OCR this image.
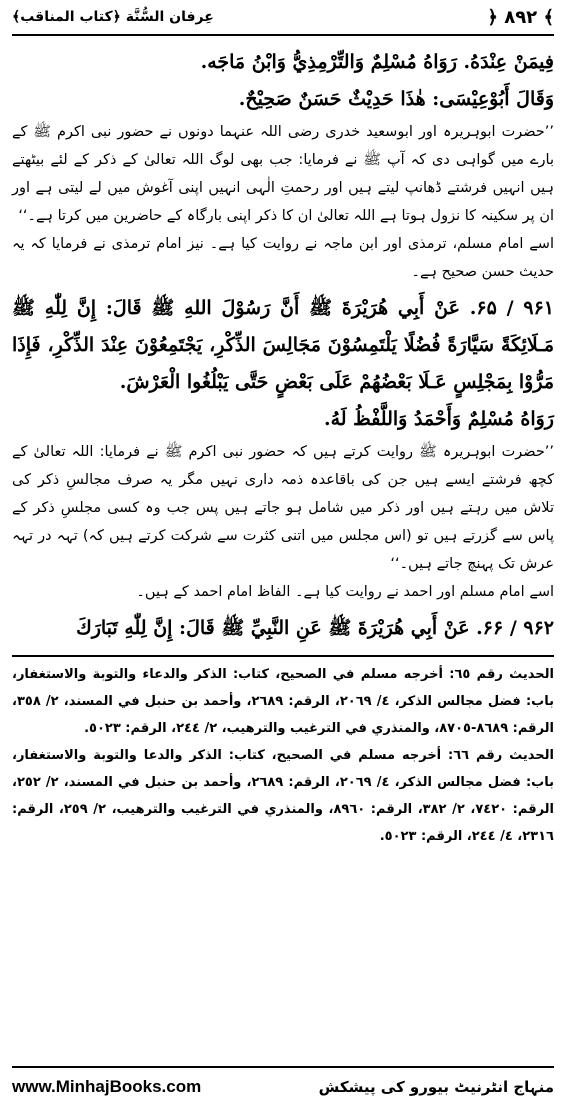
﴾ ۸۹۲ ﴿
عِرفان السُّنَّة ﴿کتاب المناقب﴾

فِیمَنْ عِنْدَهُ. رَوَاهُ مُسْلِمٌ وَالتِّرْمِذِيُّ وَابْنُ مَاجَه.

وَقَالَ أَبُوْعِيْسَى: هٰذَا حَدِيْثٌ حَسَنٌ صَحِيْحٌ.

’’حضرت ابوہریرہ اور ابوسعید خدری رضی اللہ عنہما دونوں نے حضور نبی اکرم ﷺ کے بارے میں گواہی دی کہ آپ ﷺ نے فرمایا: جب بھی لوگ اللہ تعالیٰ کے ذکر کے لئے بیٹھتے ہیں انہیں فرشتے ڈھانپ لیتے ہیں اور رحمتِ الٰہی انہیں اپنی آغوش میں لے لیتی ہے اور ان پر سکینہ کا نزول ہوتا ہے اللہ تعالیٰ ان کا ذکر اپنی بارگاہ کے حاضرین میں کرتا ہے۔‘‘

اسے امام مسلم، ترمذی اور ابن ماجہ نے روایت کیا ہے۔ نیز امام ترمذی نے فرمایا کہ یہ حدیث حسن صحیح ہے۔

۹۶۱ / ۶۵. عَنْ أَبِي هُرَيْرَةَ ﷺ أَنَّ رَسُوْلَ اللهِ ﷺ قَالَ: إِنَّ لِلّٰهِ ﷺ مَـلَائِكَةً سَيَّارَةً فُضُلًا يَلْتَمِسُوْنَ مَجَالِسَ الذِّكْرِ، يَجْتَمِعُوْنَ عِنْدَ الذِّكْرِ، فَإِذَا مَرُّوْا بِمَجْلِسٍ عَـلَا بَعْضُهُمْ عَلَى بَعْضٍ حَتَّى يَبْلُغُوا الْعَرْشَ.

رَوَاهُ مُسْلِمٌ وَأَحْمَدُ وَاللَّفْظُ لَهُ.

’’حضرت ابوہریرہ ﷺ روایت کرتے ہیں کہ حضور نبی اکرم ﷺ نے فرمایا: اللہ تعالیٰ کے کچھ فرشتے ایسے ہیں جن کی باقاعدہ ذمہ داری نہیں مگر یہ صرف مجالسِ ذکر کی تلاش میں رہتے ہیں اور ذکر میں شامل ہو جاتے ہیں پس جب وہ کسی مجلسِ ذکر کے پاس سے گزرتے ہیں تو (اس مجلس میں اتنی کثرت سے شرکت کرتے ہیں کہ) تہہ در تہہ عرش تک پہنچ جاتے ہیں۔‘‘

اسے امام مسلم اور احمد نے روایت کیا ہے۔ الفاظ امام احمد کے ہیں۔

۹۶۲ / ۶۶. عَنْ أَبِي هُرَيْرَةَ ﷺ عَنِ النَّبِيِّ ﷺ قَالَ: إِنَّ لِلّٰهِ تَبَارَكَ

الحديث رقم ٦٥: أخرجه مسلم في الصحيح، كتاب: الذكر والدعاء والتوبة والاستغفار، باب: فضل مجالس الذكر، ٤/ ٢٠٦٩، الرقم: ٢٦٨٩، وأحمد بن حنبل في المسند، ٢/ ٣٥٨، الرقم: ٨٦٨٩-٨٧٠٥، والمنذري في الترغيب والترهيب، ٢/ ٢٤٤، الرقم: ٥٠٢٣.

الحديث رقم ٦٦: أخرجه مسلم في الصحيح، كتاب: الذكر والدعا والتوبة والاستغفار، باب: فضل مجالس الذكر، ٤/ ٢٠٦٩، الرقم: ٢٦٨٩، وأحمد بن حنبل في المسند، ٢/ ٢٥٢، الرقم: ٧٤٢٠، ٢/ ٣٨٢، الرقم: ٨٩٦٠، والمنذري في الترغيب والترهيب، ٢/ ٢٥٩، الرقم: ٢٣١٦، ٤/ ٢٤٤، الرقم: ٥٠٢٣.

منہاج انٹرنیٹ بیورو کی پیشکش
www.MinhajBooks.com
